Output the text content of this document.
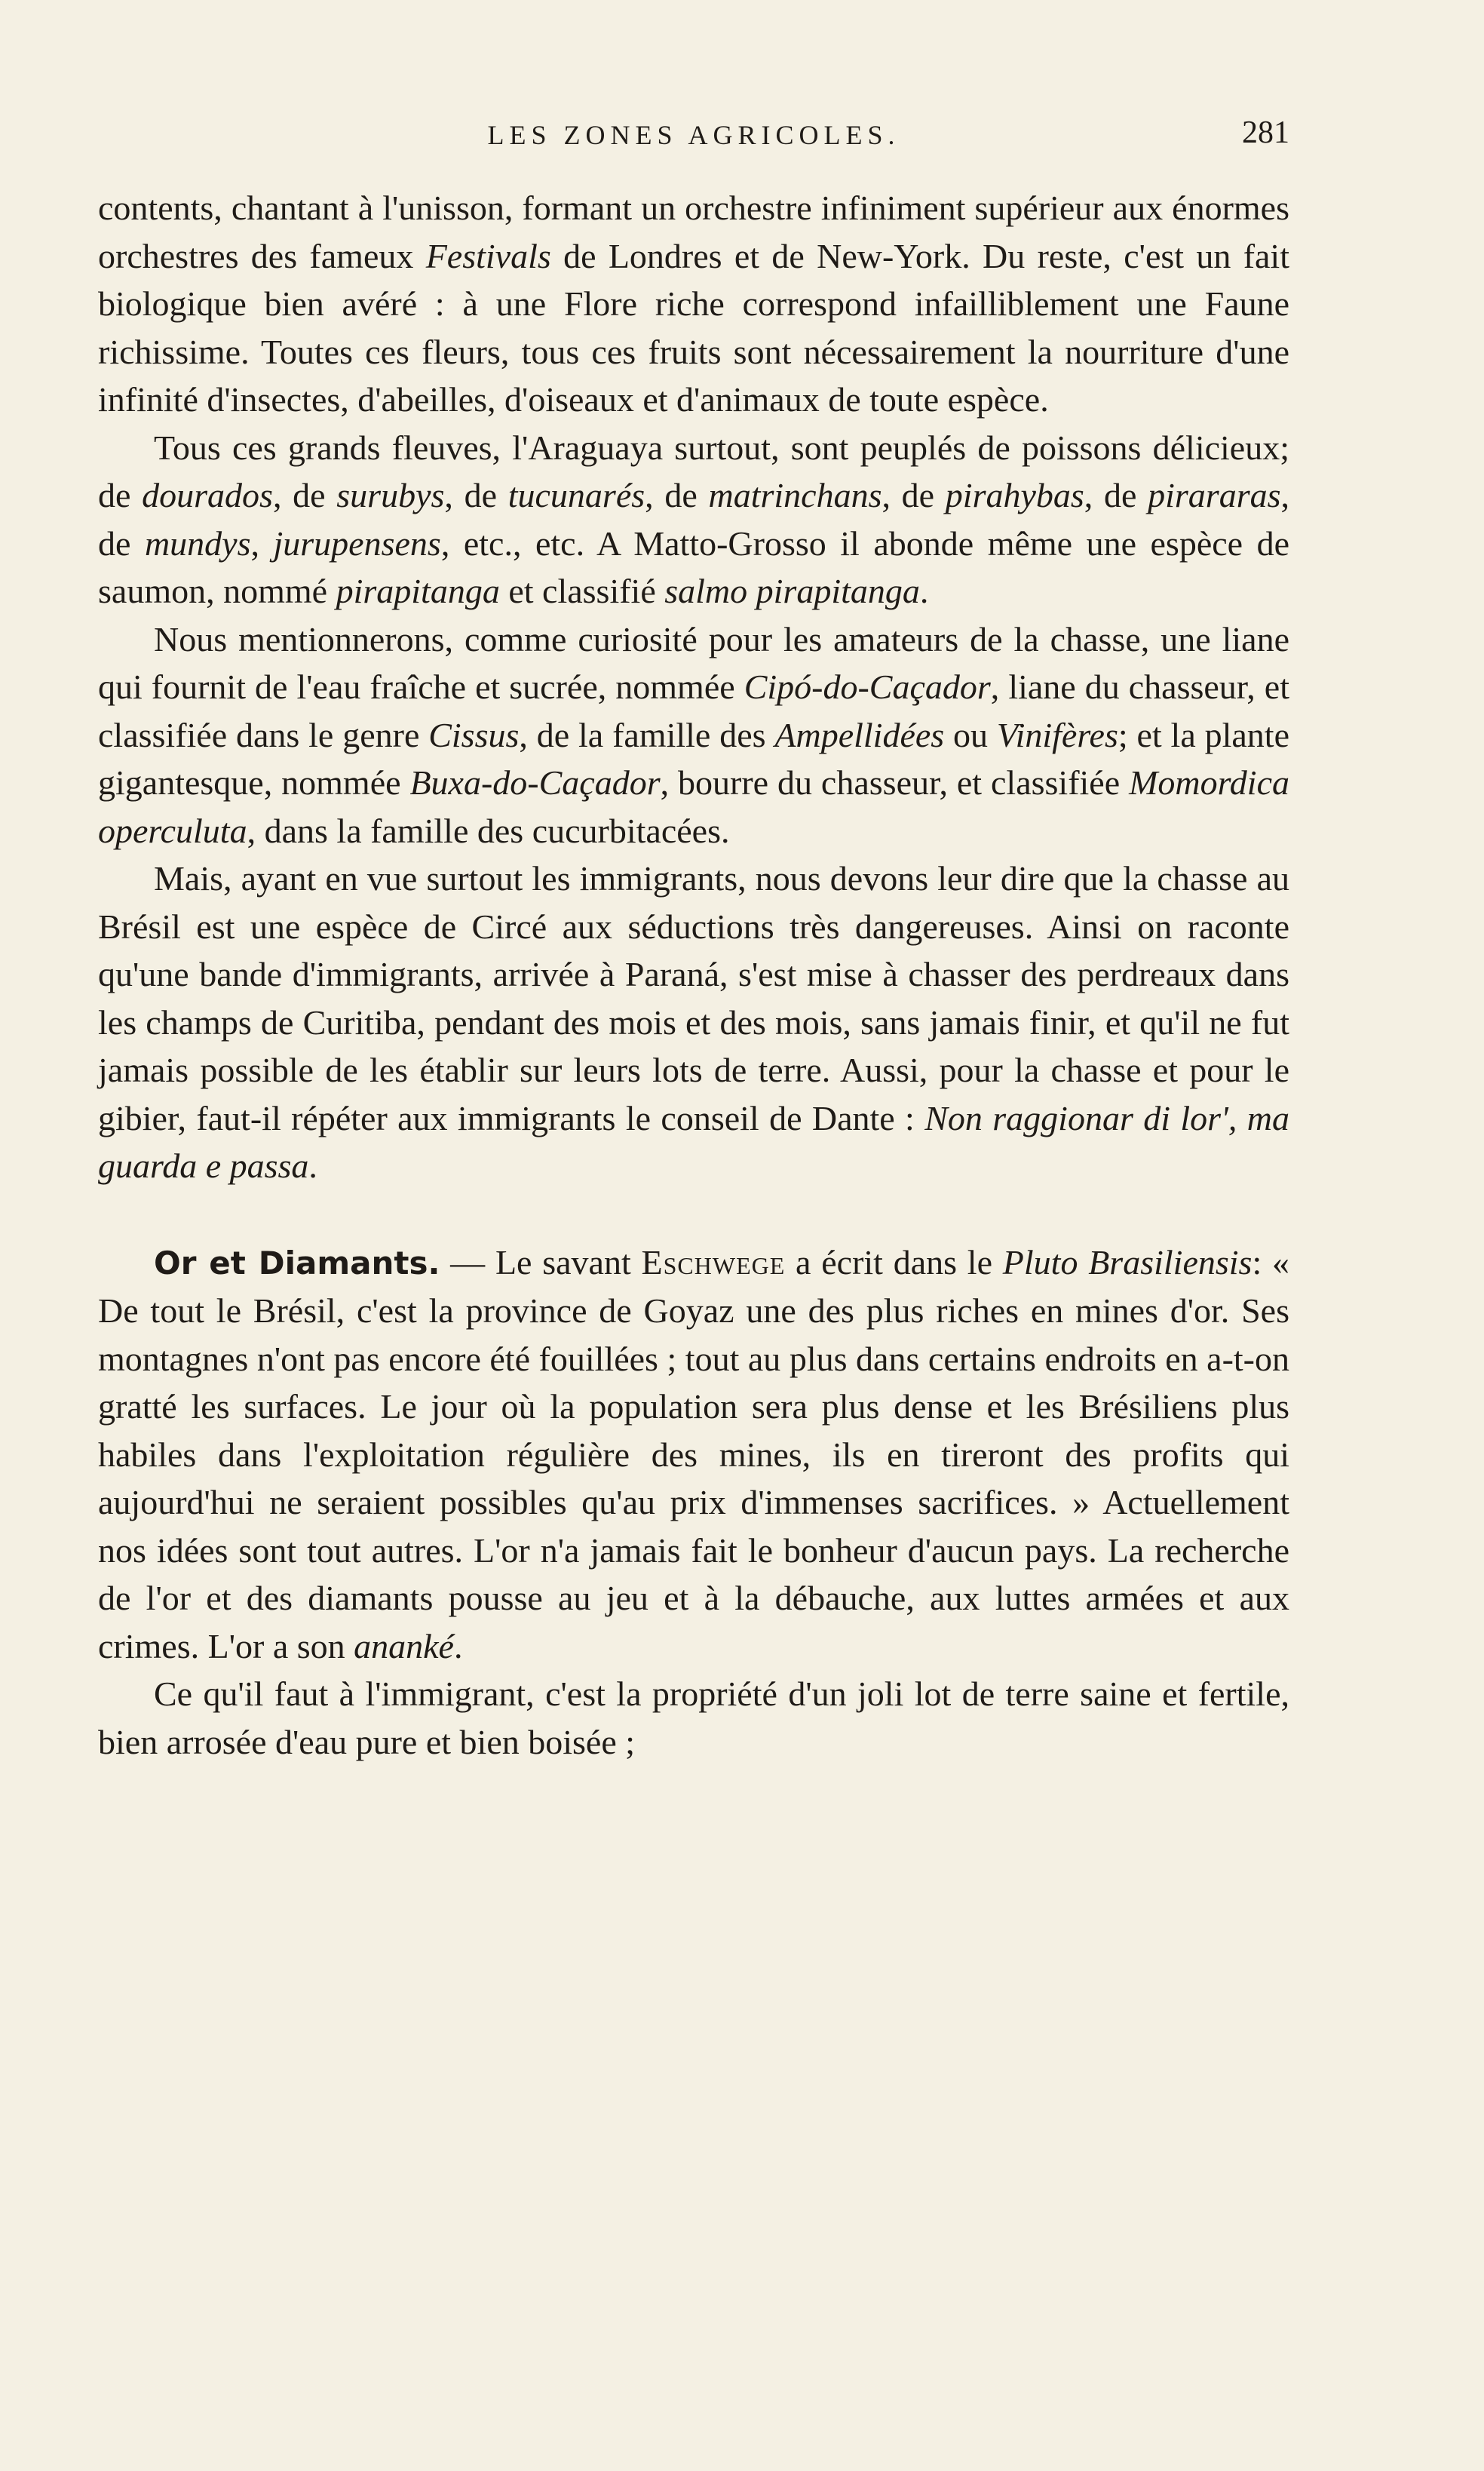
LES ZONES AGRICOLES.	281

contents, chantant à l'unisson, formant un orchestre infiniment supérieur aux énormes orchestres des fameux Festivals de Londres et de New-York. Du reste, c'est un fait biologique bien avéré : à une Flore riche correspond infailliblement une Faune richissime. Toutes ces fleurs, tous ces fruits sont nécessairement la nourriture d'une infinité d'insectes, d'abeilles, d'oiseaux et d'animaux de toute espèce.

Tous ces grands fleuves, l'Araguaya surtout, sont peuplés de poissons délicieux; de dourados, de surubys, de tucunarés, de matrinchans, de pirahybas, de pirararas, de mundys, jurupensens, etc., etc. A Matto-Grosso il abonde même une espèce de saumon, nommé pirapitanga et classifié salmo pirapitanga.

Nous mentionnerons, comme curiosité pour les amateurs de la chasse, une liane qui fournit de l'eau fraîche et sucrée, nommée Cipó-do-Caçador, liane du chasseur, et classifiée dans le genre Cissus, de la famille des Ampellidées ou Vinifères; et la plante gigantesque, nommée Buxa-do-Caçador, bourre du chasseur, et classifiée Momordica operculuta, dans la famille des cucurbitacées.

Mais, ayant en vue surtout les immigrants, nous devons leur dire que la chasse au Brésil est une espèce de Circé aux séductions très dangereuses. Ainsi on raconte qu'une bande d'immigrants, arrivée à Paraná, s'est mise à chasser des perdreaux dans les champs de Curitiba, pendant des mois et des mois, sans jamais finir, et qu'il ne fut jamais possible de les établir sur leurs lots de terre. Aussi, pour la chasse et pour le gibier, faut-il répéter aux immigrants le conseil de Dante : Non raggionar di lor', ma guarda e passa.

Or et Diamants. — Le savant Eschwege a écrit dans le Pluto Brasiliensis: « De tout le Brésil, c'est la province de Goyaz une des plus riches en mines d'or. Ses montagnes n'ont pas encore été fouillées ; tout au plus dans certains endroits en a-t-on gratté les surfaces. Le jour où la population sera plus dense et les Brésiliens plus habiles dans l'exploitation régulière des mines, ils en tireront des profits qui aujourd'hui ne seraient possibles qu'au prix d'immenses sacrifices. » Actuellement nos idées sont tout autres. L'or n'a jamais fait le bonheur d'aucun pays. La recherche de l'or et des diamants pousse au jeu et à la débauche, aux luttes armées et aux crimes. L'or a son ananké.

Ce qu'il faut à l'immigrant, c'est la propriété d'un joli lot de terre saine et fertile, bien arrosée d'eau pure et bien boisée ;
